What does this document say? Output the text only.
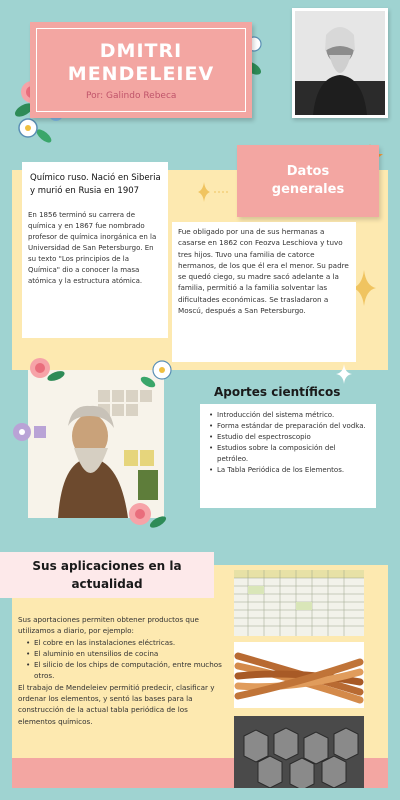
DMITRI
MENDELEIEV
Por: Galindo Rebeca
Datos
generales

Químico ruso. Nació en Siberia y murió en Rusia en 1907

En 1856 terminó su carrera de química y en 1867 fue nombrado profesor de química inorgánica en la Universidad de San Petersburgo. En su texto "Los principios de la Química" dio a conocer la masa atómica y la estructura atómica.

Fue obligado por una de sus hermanas a casarse en 1862 con Feozva Leschiova y tuvo tres hijos. Tuvo una familia de catorce hermanos, de los que él era el menor. Su padre se quedó ciego, su madre sacó adelante a la familia, permitió a la familia solventar las dificultades económicas. Se trasladaron a Moscú, después a San Petersburgo.

Aportes científicos
• Introducción del sistema métrico.
• Forma estándar de preparación del vodka.
• Estudio del espectroscopio
• Estudios sobre la composición del petróleo.
• La Tabla Periódica de los Elementos.
Sus aplicaciones en la
actualidad

Sus aportaciones permiten obtener productos que utilizamos a diario, por ejemplo:

• El cobre en las instalaciones eléctricas.
• El aluminio en utensilios de cocina
• El silicio de los chips de computación, entre muchos otros.

El trabajo de Mendeleiev permitió predecir, clasificar y ordenar los elementos, y sentó las bases para la construcción de la actual tabla periódica de los elementos químicos.
